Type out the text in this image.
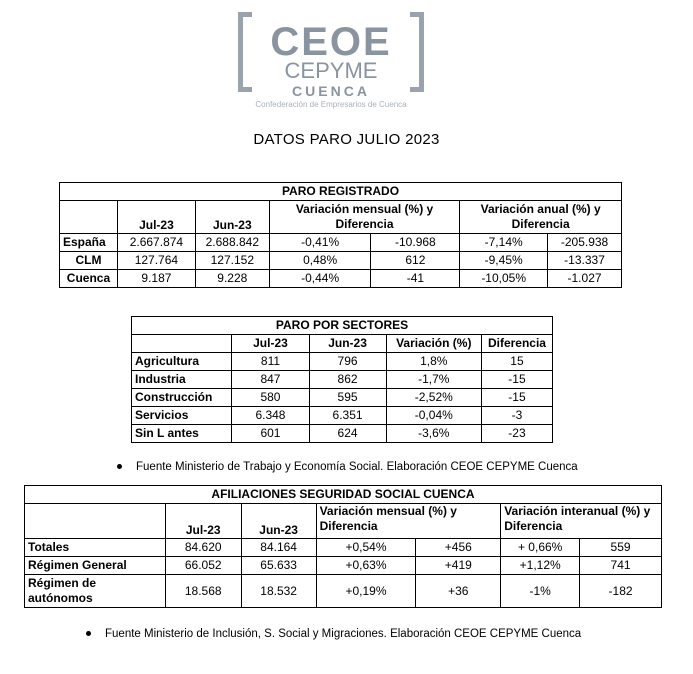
CEOE
CEPYME
CUENCA
Confederación de Empresarios de Cuenca
DATOS PARO JULIO 2023
PARO REGISTRADO						
	Jul-23	Jun-23	Variación mensual (%) y Diferencia		Variación anual (%) y Diferencia	

España	2.667.874	2.688.842	-0,41%	-10.968	-7,14%	-205.938
CLM	127.764	127.152	0,48%	612	-9,45%	-13.337
Cuenca	9.187	9.228	-0,44%	-41	-10,05%	-1.027
PARO POR SECTORES				
	Jul-23	Jun-23	Variación (%)	Diferencia
Agricultura	811	796	1,8%	15
Industria	847	862	-1,7%	-15
Construcción	580	595	-2,52%	-15
Servicios	6.348	6.351	-0,04%	-3
Sin L antes	601	624	-3,6%	-23
Fuente Ministerio de Trabajo y Economía Social. Elaboración CEOE CEPYME Cuenca
AFILIACIONES SEGURIDAD SOCIAL CUENCA						
	Jul-23	Jun-23	Variación mensual (%) y Diferencia		Variación interanual (%) y Diferencia	
Totales	84.620	84.164	+0,54%	+456	+ 0,66%	559
Régimen General	66.052	65.633	+0,63%	+419	+1,12%	741
Régimen de autónomos	18.568	18.532	+0,19%	+36	-1%	-182
Fuente Ministerio de Inclusión, S. Social y Migraciones. Elaboración CEOE CEPYME Cuenca
